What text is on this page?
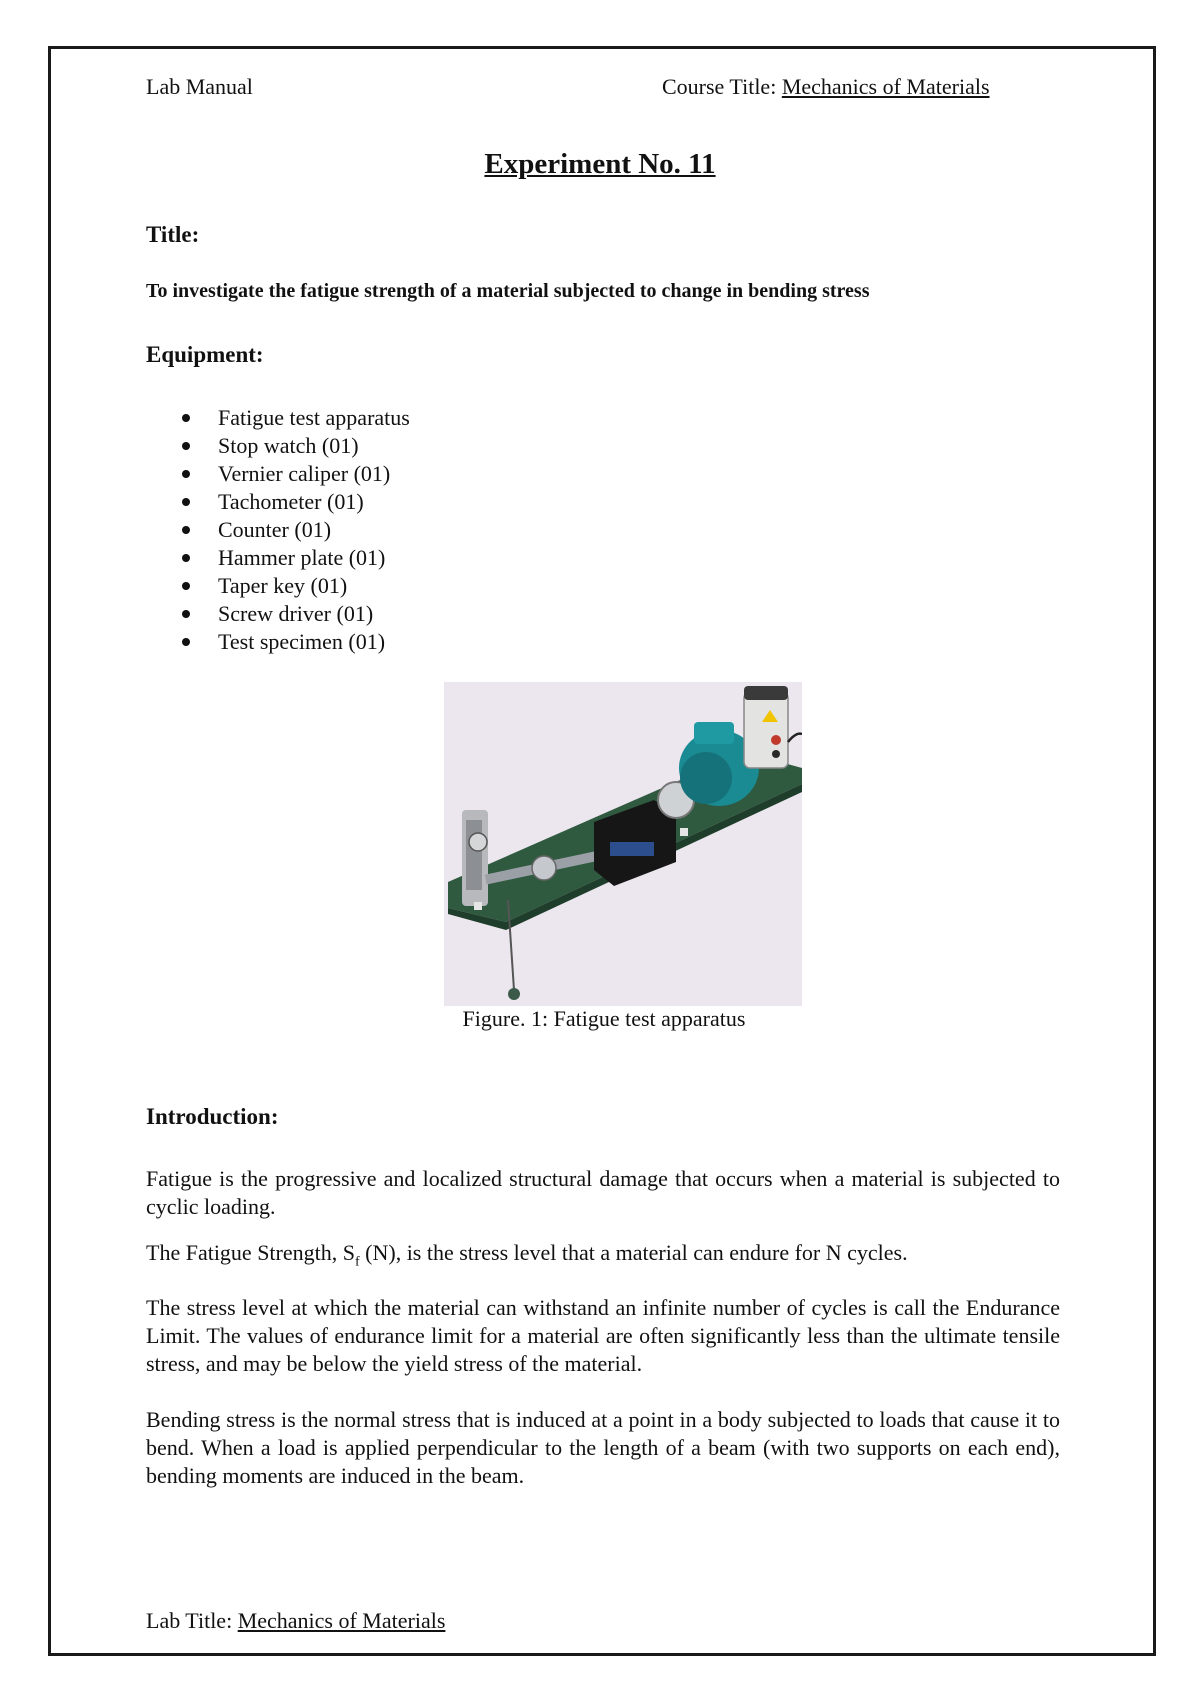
Lab Manual	Course Title: Mechanics of Materials
Experiment No. 11
Title:
To investigate the fatigue strength of a material subjected to change in bending stress
Equipment:
Fatigue test apparatus
Stop watch (01)
Vernier caliper (01)
Tachometer (01)
Counter (01)
Hammer plate (01)
Taper key (01)
Screw driver (01)
Test specimen (01)
Figure. 1: Fatigue test apparatus
Introduction:

Fatigue is the progressive and localized structural damage that occurs when a material is subjected to cyclic loading.

The Fatigue Strength, $S_f$ (N), is the stress level that a material can endure for N cycles.

The stress level at which the material can withstand an infinite number of cycles is call the Endurance Limit. The values of endurance limit for a material are often significantly less than the ultimate tensile stress, and may be below the yield stress of the material.

Bending stress is the normal stress that is induced at a point in a body subjected to loads that cause it to bend. When a load is applied perpendicular to the length of a beam (with two supports on each end), bending moments are induced in the beam.

Lab Title: Mechanics of Materials
